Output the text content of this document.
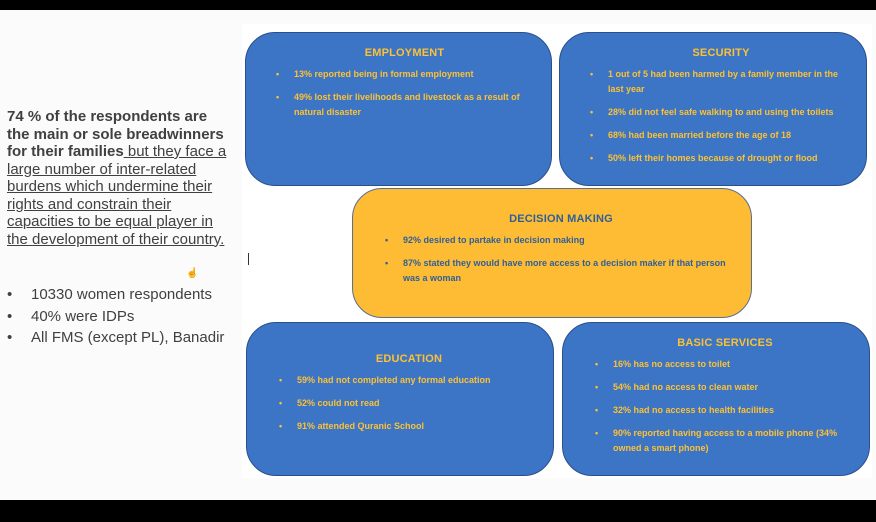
74 % of the respondents are the main or sole breadwinners for their families but they face a large number of inter-related burdens which undermine their rights and constrain their capacities to be equal player in the development of their country.

• 10330 women respondents
• 40% were IDPs
• All FMS (except PL), Banadir
EMPLOYMENT
• 13% reported being in formal employment
• 49% lost their livelihoods and livestock as a result of natural disaster
SECURITY
• 1 out of 5 had been harmed by a family member in the last year
• 28% did not feel safe walking to and using the toilets
• 68% had been married before the age of 18
• 50% left their homes because of drought or flood
DECISION MAKING
• 92% desired to partake in decision making
• 87% stated they would have more access to a decision maker if that person was a woman
EDUCATION
• 59% had not completed any formal education
• 52% could not read
• 91% attended Quranic School
BASIC SERVICES
• 16% has no access to toilet
• 54% had no access to clean water
• 32% had no access to health facilities
• 90% reported having access to a mobile phone (34% owned a smart phone)
☝
